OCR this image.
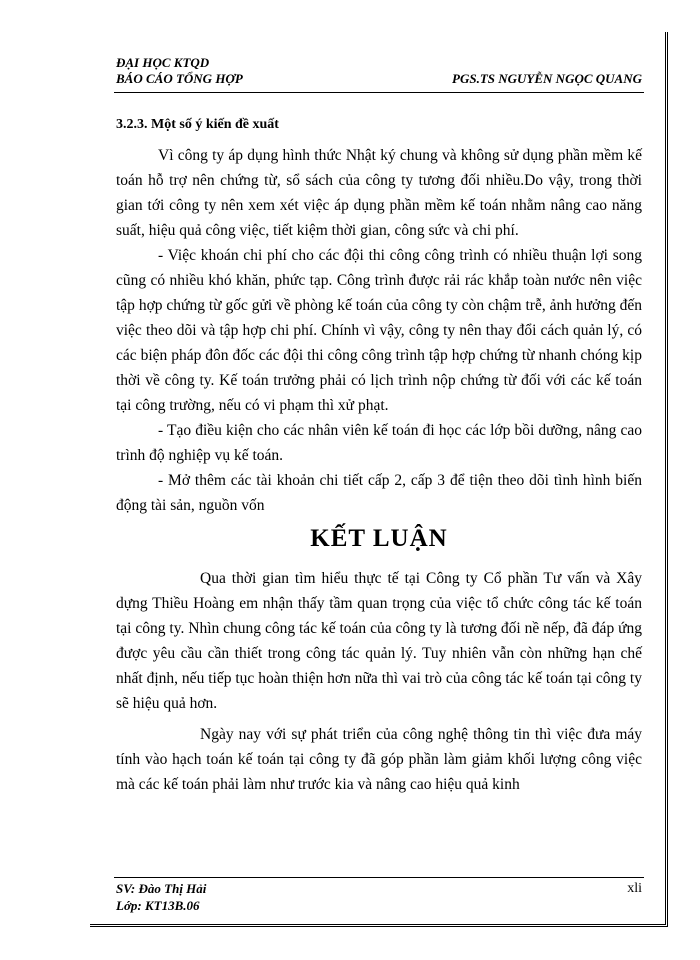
ĐẠI HỌC KTQD
BÁO CÁO TỔNG HỢP	PGS.TS NGUYỄN NGỌC QUANG
3.2.3. Một số ý kiến đề xuất

Vì công ty áp dụng hình thức Nhật ký chung và không sử dụng phần mềm kế toán hỗ trợ nên chứng từ, sổ sách của công ty tương đối nhiều.Do vậy, trong thời gian tới công ty nên xem xét việc áp dụng phần mềm kế toán nhằm nâng cao năng suất, hiệu quả công việc, tiết kiệm thời gian, công sức và chi phí.

- Việc khoán chi phí cho các đội thi công công trình có nhiều thuận lợi song cũng có nhiều khó khăn, phức tạp. Công trình được rải rác khắp toàn nước nên việc tập hợp chứng từ gốc gửi về phòng kế toán của công ty còn chậm trễ, ảnh hưởng đến việc theo dõi và tập hợp chi phí. Chính vì vậy, công ty nên thay đổi cách quản lý, có các biện pháp đôn đốc các đội thi công công trình tập hợp chứng từ nhanh chóng kịp thời về công ty. Kế toán trưởng phải có lịch trình nộp chứng từ đối với các kế toán tại công trường, nếu có vi phạm thì xử phạt.

- Tạo điều kiện cho các nhân viên kế toán đi học các lớp bồi dưỡng, nâng cao trình độ nghiệp vụ kế toán.

- Mở thêm các tài khoản chi tiết cấp 2, cấp 3 để tiện theo dõi tình hình biến động tài sản, nguồn vốn

KẾT LUẬN

Qua thời gian tìm hiểu thực tế tại Công ty Cổ phần Tư vấn và Xây dựng Thiều Hoàng em nhận thấy tầm quan trọng của việc tổ chức công tác kế toán tại công ty. Nhìn chung công tác kế toán của công ty là tương đối nề nếp, đã đáp ứng được yêu cầu cần thiết trong công tác quản lý. Tuy nhiên vẫn còn những hạn chế nhất định, nếu tiếp tục hoàn thiện hơn nữa thì vai trò của công tác kế toán tại công ty sẽ hiệu quả hơn.

Ngày nay với sự phát triển của công nghệ thông tin thì việc đưa máy tính vào hạch toán kế toán tại công ty đã góp phần làm giảm khối lượng công việc mà các kế toán phải làm như trước kia và nâng cao hiệu quả kinh

SV: Đào Thị Hải	xli
Lớp: KT13B.06
